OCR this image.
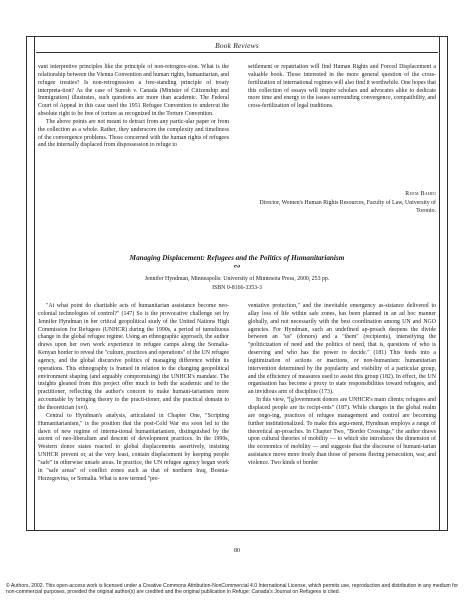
Book Reviews

vant interpretive principles like the principle of non-retrogres-sion. What is the relationship between the Vienna Convention and human rights, humanitarian, and refugee treaties? Is non-retrogression a free-standing principle of treaty interpreta-tion? As the case of Suresh v. Canada (Minister of Citizenship and Immigration) illustrates, such questions are more than academic. The Federal Court of Appeal in this case used the 1951 Refugee Convention to undercut the absolute right to be free of torture as recognized in the Torture Convention.

The above points are not meant to detract from any partic-ular paper or from the collection as a whole. Rather, they underscore the complexity and timeliness of the convergence problems. Those concerned with the human rights of refugees and the internally displaced from dispossession to refuge to

settlement or repatriation will find Human Rights and Forced Displacement a valuable book. Those interested in the more general question of the cross-fertilization of international regimes will also find it worthwhile. One hopes that this collection of essays will inspire scholars and advocates alike to dedicate more time and energy to the issues surrounding convergence, compatibility, and cross-fertilization of legal traditions.

Reem Bahdi
Director, Women's Human Rights Resources, Faculty of Law, University of Toronto.
Managing Displacement: Refugees and the Politics of Humanitarianism
∾
Jennifer Hyndman, Minneapolis: University of Minnesota Press, 2000, 253 pp.
ISBN 0-8166-3353-3

"At what point do charitable acts of humanitarian assistance become neo-colonial technologies of control?" (147) So is the provocative challenge set by Jennifer Hyndman in her critical geopolitical study of the United Nations High Commission for Refugees (UNHCR) during the 1990s, a period of tumultuous change in the global refugee regime. Using an ethnographic approach, the author draws upon her own work experience in refugee camps along the Somalia-Kenyan border to reveal the "culture, practices and operations" of the UN refugee agency, and the global discursive politics of managing difference within its operations. This ethnography is framed in relation to the changing geopolitical environment shaping (and arguably compromising) the UNHCR's mandate. The insights gleaned from this project offer much to both the academic and to the practitioner, reflecting the author's concern to make humani-tarianism more accountable by bringing theory to the practi-tioner, and the practical domain to the theoretician (xvi).

Central to Hyndman's analysis, articulated in Chapter One, "Scripting Humanitarianism," is the position that the post-Cold War era soon led to the dawn of new regime of interna-tional humanitarianism, distinguished by the ascent of neo-liberalism and descent of development practices. In the 1990s, Western donor states reacted to global displacements assertively, insisting UNHCR prevent or, at the very least, contain displacement by keeping people "safe" in otherwise unsafe areas. In practice, the UN refugee agency began work in "safe areas" of conflict zones such as that of northern Iraq, Bosnia-Herzegovina, or Somalia. What is now termed "pre-

ventative protection," and the inevitable emergency as-sistance delivered to allay loss of life within safe zones, has been planned in an ad hoc manner globally, and not necessarily with the best coordination among UN and NGO agencies. For Hyndman, such an undefined ap-proach deepens the divide between an "us" (donors) and a "them" (recipients), intensifying the "politicization of need and the politics of need, that is, questions of who is deserving and who has the power to decide." (181) This feeds into a legitimization of actions or inactions, or non-humanism: humanitarian intervention determined by the popularity and visibility of a particular group, and the efficiency of measures used to assist this group (182). In effect, the UN organisation has become a proxy to state responsibilities toward refugees, and an invidious arm of discipline (173).

In this view, "[g]overnment donors are UNHCR's main clients; refugees and displaced people are its recipi-ents" (187). While changes in the global realm are ongo-ing, practices of refugee management and control are becoming further institutionalized. To make this argu-ment, Hyndman employs a range of theoretical ap-proaches. In Chapter Two, "Border Crossings," the author draws upon cultural theories of mobility — to which she introduces the dimension of the economics of mobility — and suggests that the discourse of humani-tarian assistance move more freely than those of persons fleeing persecution, war, and violence. Two kinds of border

80
© Authors, 2002. This open-access work is licensed under a Creative Commons Attribution-NonCommercial 4.0 International License, which permits use, reproduction and distribution in any medium for non-commercial purposes, provided the original author(s) are credited and the original publication in Refuge: Canada's Journal on Refugees is cited.
